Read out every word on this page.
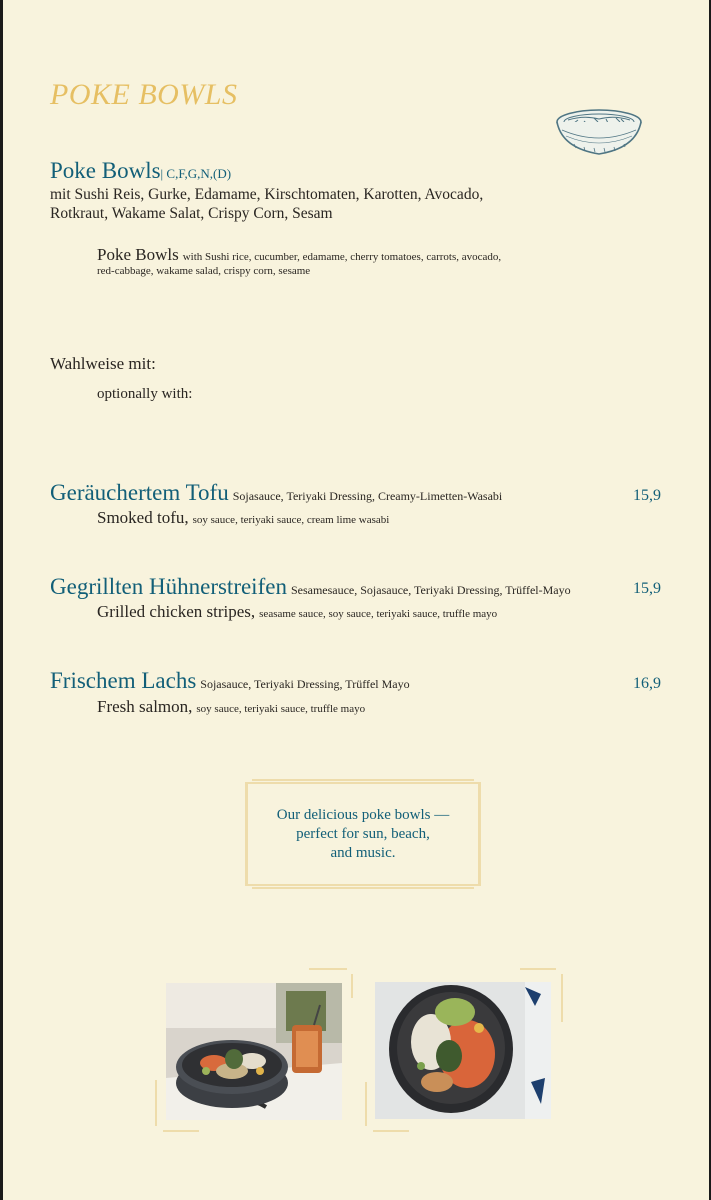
POKE BOWLS
Poke Bowls| C,F,G,N,(D)
mit Sushi Reis, Gurke, Edamame, Kirschtomaten, Karotten, Avocado, Rotkraut, Wakame Salat, Crispy Corn, Sesam
Poke Bowls with Sushi rice, cucumber, edamame, cherry tomatoes, carrots, avocado,
red-cabbage, wakame salad, crispy corn, sesame
Wahlweise mit:
optionally with:
Geräuchertem Tofu Sojasauce, Teriyaki Dressing, Creamy-Limetten-Wasabi	15,9
Smoked tofu, soy sauce, teriyaki sauce, cream lime wasabi
Gegrillten Hühnerstreifen Sesamesauce, Sojasauce, Teriyaki Dressing, Trüffel-Mayo	15,9
Grilled chicken stripes, seasame sauce, soy sauce, teriyaki sauce, truffle mayo
Frischem Lachs Sojasauce, Teriyaki Dressing, Trüffel Mayo	16,9
Fresh salmon, soy sauce, teriyaki sauce, truffle mayo
Our delicious poke bowls —
perfect for sun, beach,
and music.
